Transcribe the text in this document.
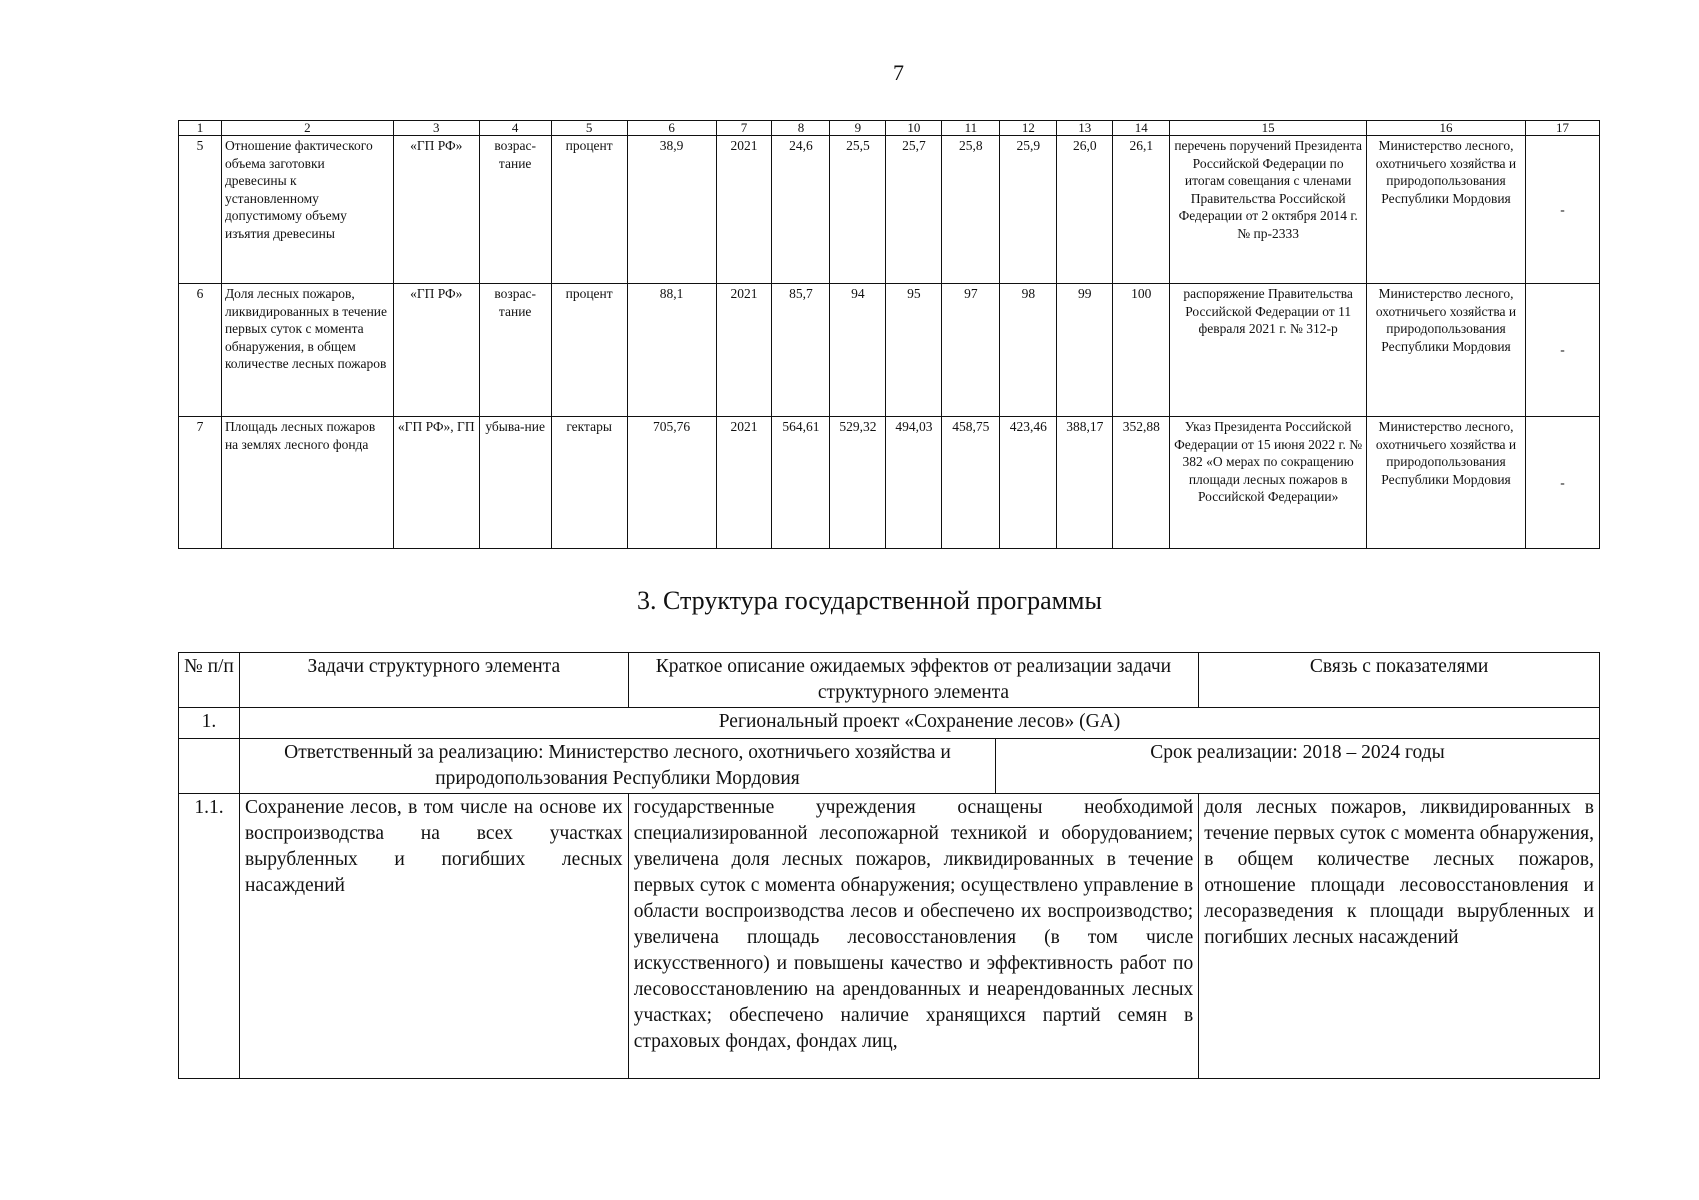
7
1	2	3	4	5	6	7	8	9	10	11	12	13	14	15	16	17
5	Отношение фактического объема заготовки древесины к установленному допустимому объему изъятия древесины	«ГП РФ»	возрас-тание	процент	38,9	2021	24,6	25,5	25,7	25,8	25,9	26,0	26,1	перечень поручений Президента Российской Федерации по итогам совещания с членами Правительства Российской Федерации от 2 октября 2014 г. № пр-2333	Министерство лесного, охотничьего хозяйства и природопользования Республики Мордовия	-
6	Доля лесных пожаров, ликвидированных в течение первых суток с момента обнаружения, в общем количестве лесных пожаров	«ГП РФ»	возрас-тание	процент	88,1	2021	85,7	94	95	97	98	99	100	распоряжение Правительства Российской Федерации от 11 февраля 2021 г. № 312-р	Министерство лесного, охотничьего хозяйства и природопользования Республики Мордовия	-
7	Площадь лесных пожаров на землях лесного фонда	«ГП РФ», ГП	убыва-ние	гектары	705,76	2021	564,61	529,32	494,03	458,75	423,46	388,17	352,88	Указ Президента Российской Федерации от 15 июня 2022 г. № 382 «О мерах по сокращению площади лесных пожаров в Российской Федерации»	Министерство лесного, охотничьего хозяйства и природопользования Республики Мордовия	-
3. Структура государственной программы
№ п/п	Задачи структурного элемента	Краткое описание ожидаемых эффектов от реализации задачи структурного элемента	Связь с показателями
1.	Региональный проект «Сохранение лесов» (GA)

Ответственный за реализацию: Министерство лесного, охотничьего хозяйства и природопользования Республики Мордовия	Срок реализации: 2018 – 2024 годы

1.1.	Сохранение лесов, в том числе на основе их воспроизводства на всех участках вырубленных и погибших лесных насаждений	государственные учреждения оснащены необходимой специализированной лесопожарной техникой и оборудованием; увеличена доля лесных пожаров, ликвидированных в течение первых суток с момента обнаружения; осуществлено управление в области воспроизводства лесов и обеспечено их воспроизводство; увеличена площадь лесовосстановления (в том числе искусственного) и повышены качество и эффективность работ по лесовосстановлению на арендованных и неарендованных лесных участках; обеспечено наличие хранящихся партий семян в страховых фондах, фондах лиц,	доля лесных пожаров, ликвидированных в течение первых суток с момента обнаружения, в общем количестве лесных пожаров, отношение площади лесовосстановления и лесоразведения к площади вырубленных и погибших лесных насаждений
